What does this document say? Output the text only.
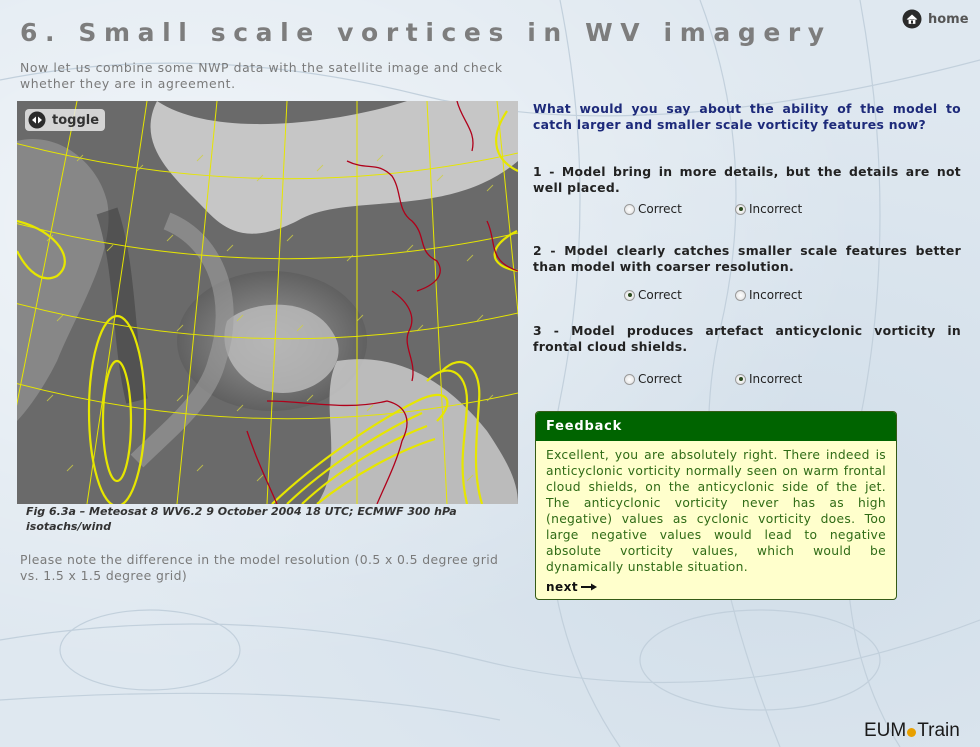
6. Small scale vortices in WV imagery	home

Now let us combine some NWP data with the satellite image and check whether they are in agreement.

toggle

Fig 6.3a – Meteosat 8 WV6.2 9 October 2004 18 UTC; ECMWF 300 hPa isotachs/wind

Please note the difference in the model resolution (0.5 x 0.5 degree grid vs. 1.5 x 1.5 degree grid)

What would you say about the ability of the model to catch larger and smaller scale vorticity features now?

1 - Model bring in more details, but the details are not well placed.

Correct	Incorrect

2 - Model clearly catches smaller scale features better than model with coarser resolution.

Correct	Incorrect

3 - Model produces artefact anticyclonic vorticity in frontal cloud shields.

Correct	Incorrect
Feedback

Excellent, you are absolutely right. There indeed is anticyclonic vorticity normally seen on warm frontal cloud shields, on the anticyclonic side of the jet. The anticyclonic vorticity never has as high (negative) values as cyclonic vorticity does. Too large negative values would lead to negative absolute vorticity values, which would be dynamically unstable situation.

next
EUM Train
